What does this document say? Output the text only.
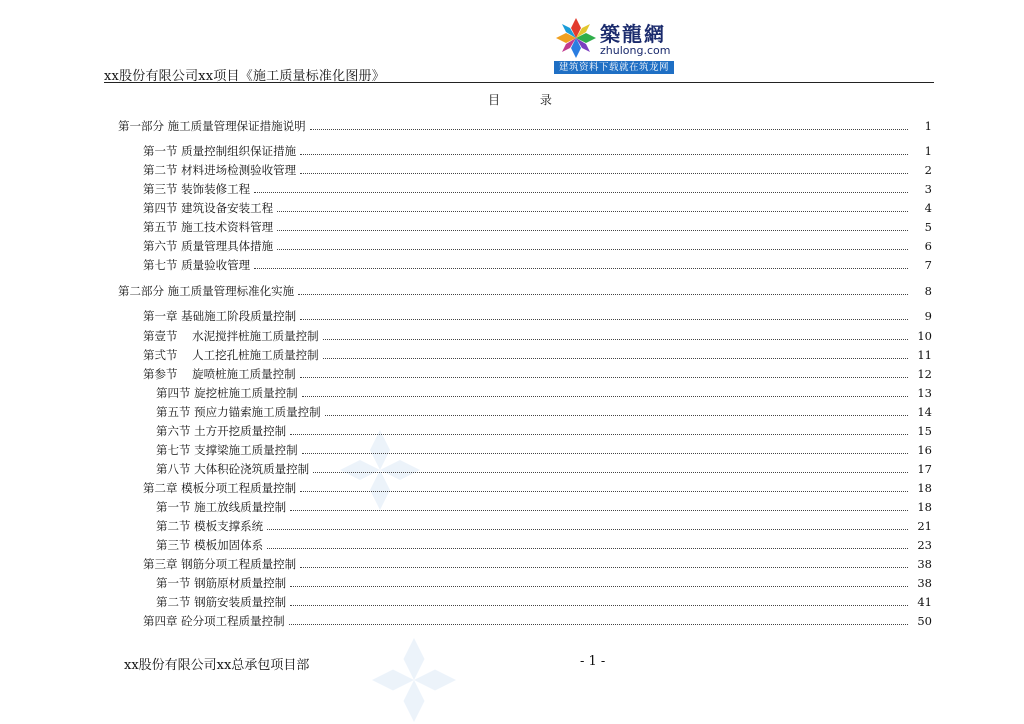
築龍網
zhulong.com
建筑资料下载就在筑龙网
xx股份有限公司xx项目《施工质量标准化图册》
目 录
第一部分 施工质量管理保证措施说明	1
第一节 质量控制组织保证措施	1
第二节 材料进场检测验收管理	2
第三节 装饰装修工程	3
第四节 建筑设备安装工程	4
第五节 施工技术资料管理	5
第六节 质量管理具体措施	6
第七节 质量验收管理	7
第二部分 施工质量管理标准化实施	8
第一章 基础施工阶段质量控制	9
第壹节    水泥搅拌桩施工质量控制	10
第弍节    人工挖孔桩施工质量控制	11
第参节    旋喷桩施工质量控制	12
第四节 旋挖桩施工质量控制	13
第五节 预应力锚索施工质量控制	14
第六节 土方开挖质量控制	15
第七节 支撑梁施工质量控制	16
第八节 大体积砼浇筑质量控制	17
第二章 模板分项工程质量控制	18
第一节 施工放线质量控制	18
第二节 模板支撑系统	21
第三节 模板加固体系	23
第三章 钢筋分项工程质量控制	38
第一节 钢筋原材质量控制	38
第二节 钢筋安装质量控制	41
第四章 砼分项工程质量控制	50
xx股份有限公司xx总承包项目部	- 1 -
